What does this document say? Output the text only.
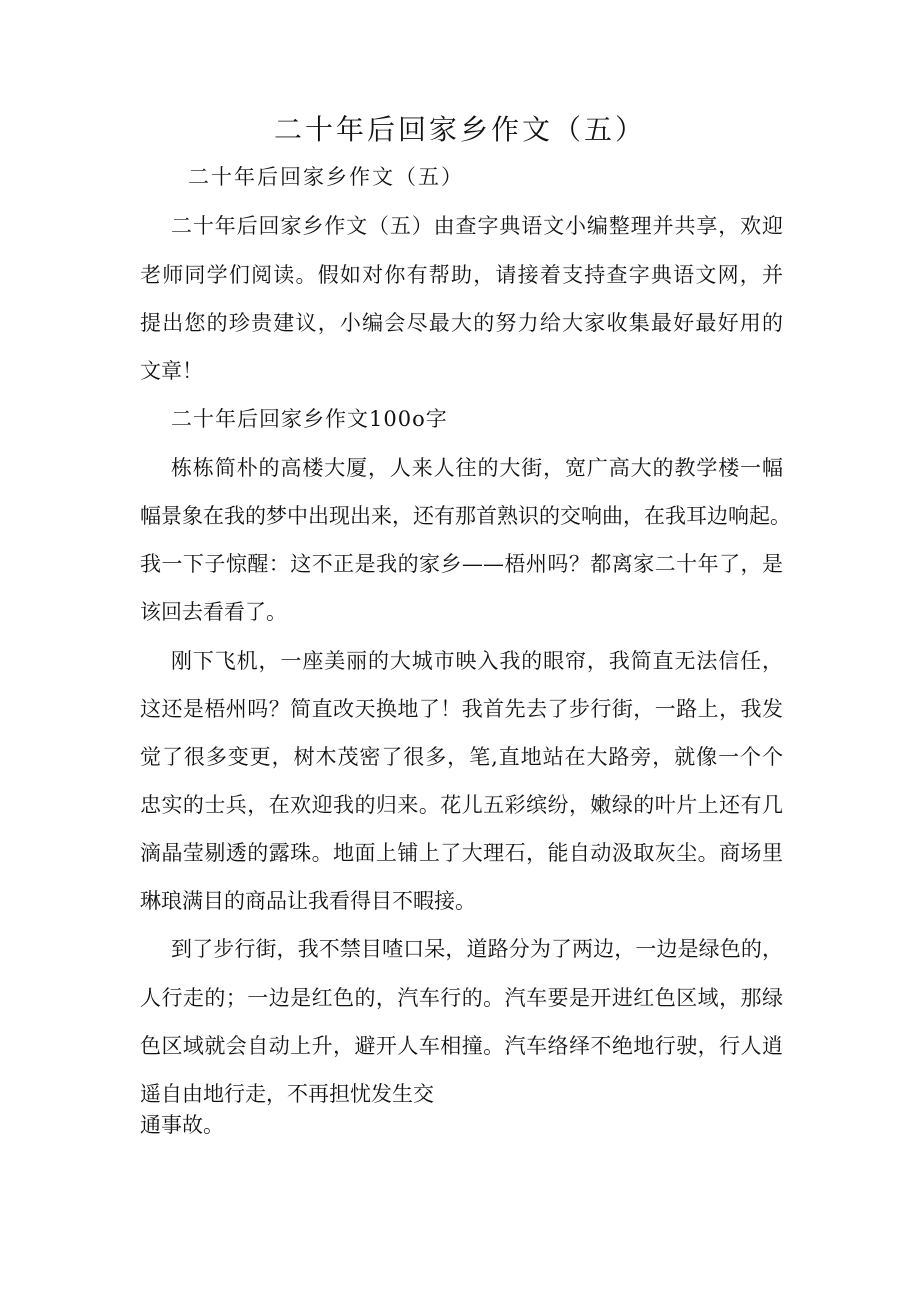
二十年后回家乡作文（五）
二十年后回家乡作文（五）
二十年后回家乡作文（五）由查字典语文小编整理并共享，欢迎
老师同学们阅读。假如对你有帮助，请接着支持查字典语文网，并
提出您的珍贵建议，小编会尽最大的努力给大家收集最好最好用的
文章！
二十年后回家乡作文100o字
栋栋简朴的高楼大厦，人来人往的大街，宽广高大的教学楼一幅
幅景象在我的梦中出现出来，还有那首熟识的交响曲，在我耳边响起。
我一下子惊醒：这不正是我的家乡——梧州吗？都离家二十年了，是
该回去看看了。
刚下飞机，一座美丽的大城市映入我的眼帘，我简直无法信任，
这还是梧州吗？简直改天换地了！我首先去了步行街，一路上，我发
觉了很多变更，树木茂密了很多，笔,直地站在大路旁，就像一个个
忠实的士兵，在欢迎我的归来。花儿五彩缤纷，嫩绿的叶片上还有几
滴晶莹剔透的露珠。地面上铺上了大理石，能自动汲取灰尘。商场里
琳琅满目的商品让我看得目不暇接。
到了步行街，我不禁目喳口呆，道路分为了两边，一边是绿色的，
人行走的；一边是红色的，汽车行的。汽车要是开进红色区域，那绿
色区域就会自动上升，避开人车相撞。汽车络绎不绝地行驶，行人逍
遥自由地行走，不再担忧发生交
通事故。
